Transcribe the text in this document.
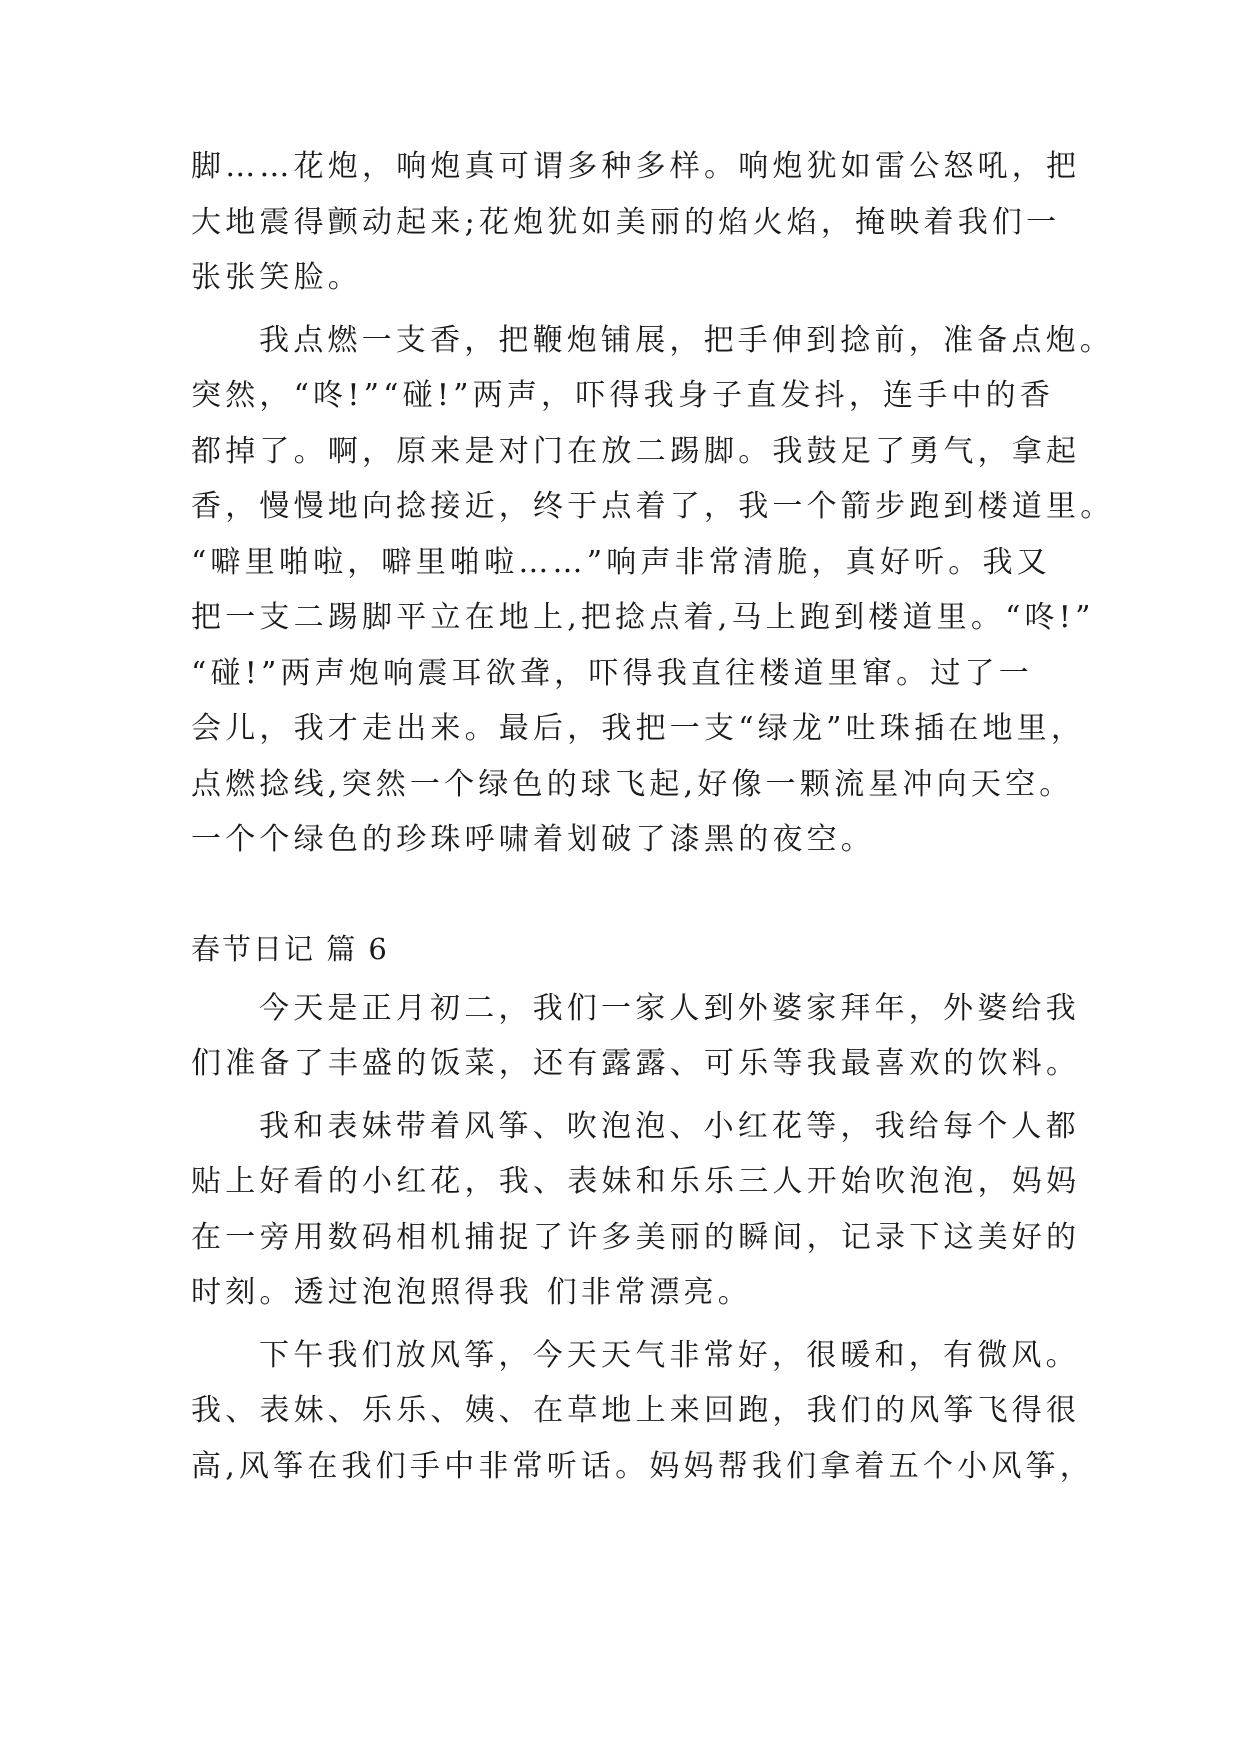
脚……花炮，响炮真可谓多种多样。响炮犹如雷公怒吼，把
大地震得颤动起来;花炮犹如美丽的焰火焰，掩映着我们一
张张笑脸。
我点燃一支香，把鞭炮铺展，把手伸到捻前，准备点炮。
突然，“咚!”“碰!”两声，吓得我身子直发抖，连手中的香
都掉了。啊，原来是对门在放二踢脚。我鼓足了勇气，拿起
香，慢慢地向捻接近，终于点着了，我一个箭步跑到楼道里。
“噼里啪啦，噼里啪啦……”响声非常清脆，真好听。我又
把一支二踢脚平立在地上,把捻点着,马上跑到楼道里。“咚!”
“碰!”两声炮响震耳欲聋，吓得我直往楼道里窜。过了一
会儿，我才走出来。最后，我把一支“绿龙”吐珠插在地里，
点燃捻线,突然一个绿色的球飞起,好像一颗流星冲向天空。
一个个绿色的珍珠呼啸着划破了漆黑的夜空。
春节日记 篇 6
今天是正月初二，我们一家人到外婆家拜年，外婆给我
们准备了丰盛的饭菜，还有露露、可乐等我最喜欢的饮料。
我和表妹带着风筝、吹泡泡、小红花等，我给每个人都
贴上好看的小红花，我、表妹和乐乐三人开始吹泡泡，妈妈
在一旁用数码相机捕捉了许多美丽的瞬间，记录下这美好的
时刻。透过泡泡照得我 们非常漂亮。
下午我们放风筝，今天天气非常好，很暖和，有微风。
我、表妹、乐乐、姨、在草地上来回跑，我们的风筝飞得很
高,风筝在我们手中非常听话。妈妈帮我们拿着五个小风筝，
